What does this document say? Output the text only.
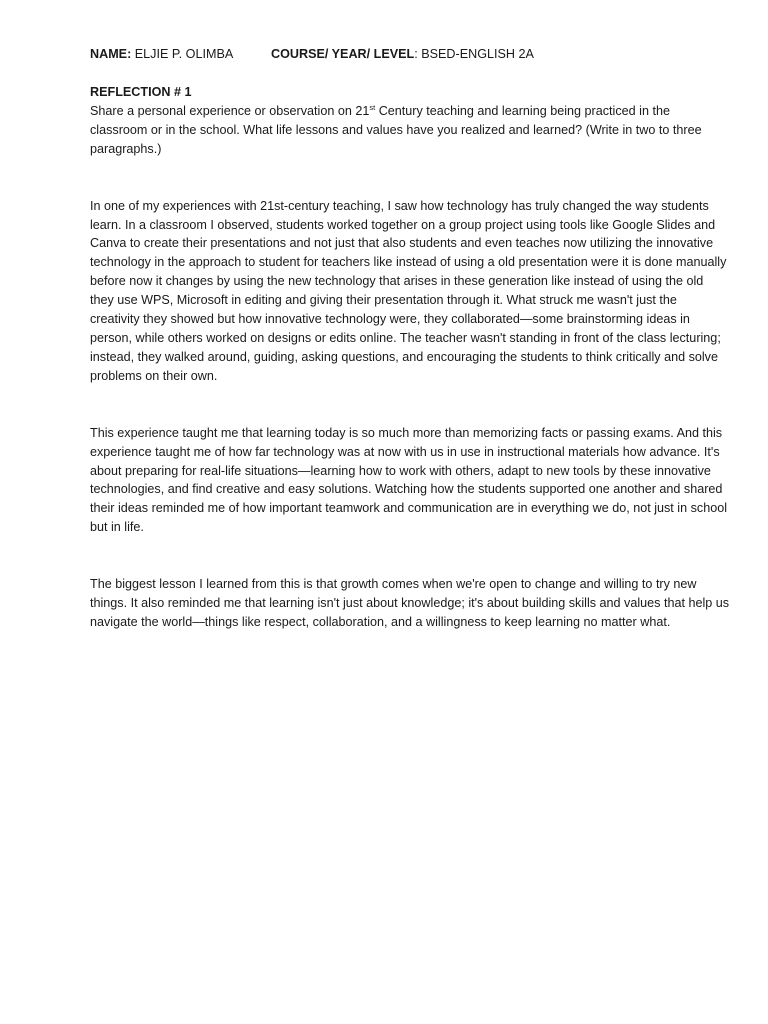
NAME: ELJIE P. OLIMBA	COURSE/ YEAR/ LEVEL: BSED-ENGLISH 2A
REFLECTION # 1

Share a personal experience or observation on 21st Century teaching and learning being practiced in the classroom or in the school. What life lessons and values have you realized and learned? (Write in two to three paragraphs.)

In one of my experiences with 21st-century teaching, I saw how technology has truly changed the way students learn. In a classroom I observed, students worked together on a group project using tools like Google Slides and Canva to create their presentations and not just that also students and even teaches now utilizing the innovative technology in the approach to student for teachers like instead of using a old presentation were it is done manually before now it changes by using the new technology that arises in these generation like instead of using the old they use WPS, Microsoft in editing and giving their presentation through it. What struck me wasn't just the creativity they showed but how innovative technology were, they collaborated—some brainstorming ideas in person, while others worked on designs or edits online. The teacher wasn't standing in front of the class lecturing; instead, they walked around, guiding, asking questions, and encouraging the students to think critically and solve problems on their own.

This experience taught me that learning today is so much more than memorizing facts or passing exams. And this experience taught me of how far technology was at now with us in use in instructional materials how advance. It's about preparing for real-life situations—learning how to work with others, adapt to new tools by these innovative technologies, and find creative and easy solutions. Watching how the students supported one another and shared their ideas reminded me of how important teamwork and communication are in everything we do, not just in school but in life.

The biggest lesson I learned from this is that growth comes when we're open to change and willing to try new things. It also reminded me that learning isn't just about knowledge; it's about building skills and values that help us navigate the world—things like respect, collaboration, and a willingness to keep learning no matter what.
